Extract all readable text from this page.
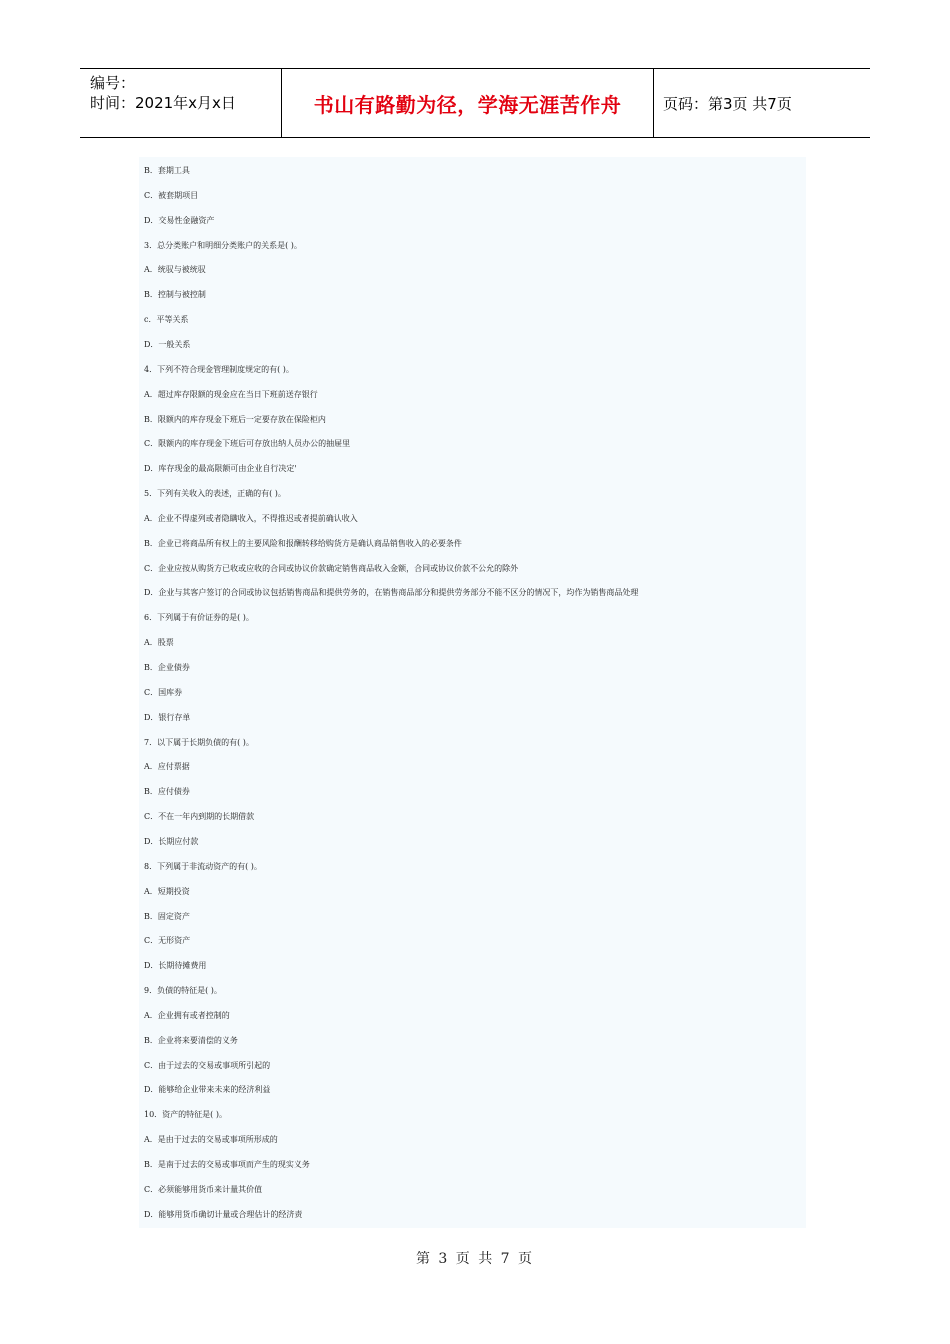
编号：
时间：2021年x月x日	书山有路勤为径，学海无涯苦作舟	页码：第3页 共7页
B．套期工具
C．被套期项目
D．交易性金融资产
3．总分类账户和明细分类账户的关系是( )。
A．统驭与被统驭
B．控制与被控制
c．平等关系
D．一般关系
4．下列不符合现金管理制度规定的有( )。
A．超过库存限额的现金应在当日下班前送存银行
B．限额内的库存现金下班后一定要存放在保险柜内
C．限额内的库存现金下班后可存放出纳人员办公的抽屉里
D．库存现金的最高限额可由企业自行决定'
5．下列有关收入的表述，正确的有( )。
A．企业不得虚列或者隐瞒收入，不得推迟或者提前确认收入
B．企业已将商品所有权上的主要风险和报酬转移给购货方是确认商品销售收入的必要条件
C．企业应按从购货方已收或应收的合同或协议价款确定销售商品收入金额，合同或协议价款不公允的除外
D．企业与其客户签订的合同或协议包括销售商品和提供劳务的，在销售商品部分和提供劳务部分不能不区分的情况下，均作为销售商品处理
6．下列属于有价证券的是( )。
A．股票
B．企业债券
C．国库券
D．银行存单
7．以下属于长期负债的有( )。
A．应付票据
B．应付债券
C．不在一年内到期的长期借款
D．长期应付款
8．下列属于非流动资产的有( )。
A．短期投资
B．固定资产
C．无形资产
D．长期待摊费用
9．负债的特征是( )。
A．企业拥有或者控制的
B．企业将来要清偿的义务
C．由于过去的交易或事项所引起的
D．能够给企业带来未来的经济利益
10．资产的特征是( )。
A．是由于过去的交易或事项所形成的
B．是南于过去的交易或事项而产生的现实义务
C．必须能够用货币来计量其价值
D．能够用货币确切计量或合理估计的经济责
第 3 页 共 7 页
